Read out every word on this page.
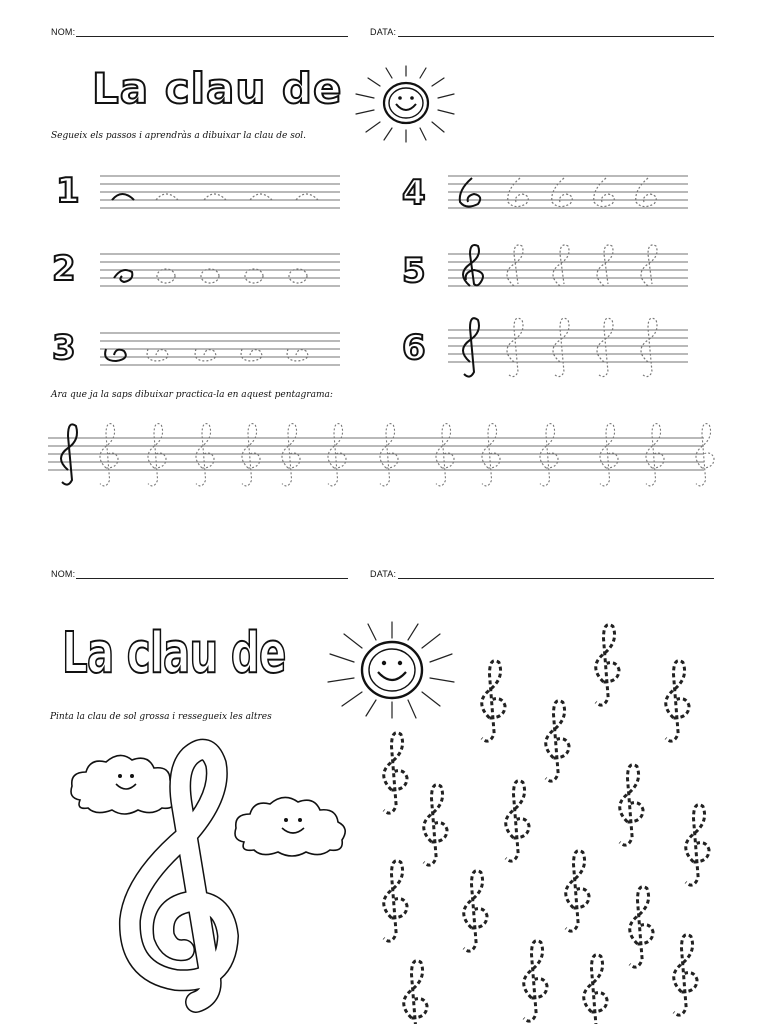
NOM:	DATA:
La clau de
Segueix els passos i aprendràs a dibuixar la clau de sol.
1
2
3
4
5
6
Ara que ja la saps dibuixar practica-la en aquest pentagrama:
NOM:	DATA:
La clau de
Pinta la clau de sol grossa i ressegueix les altres
